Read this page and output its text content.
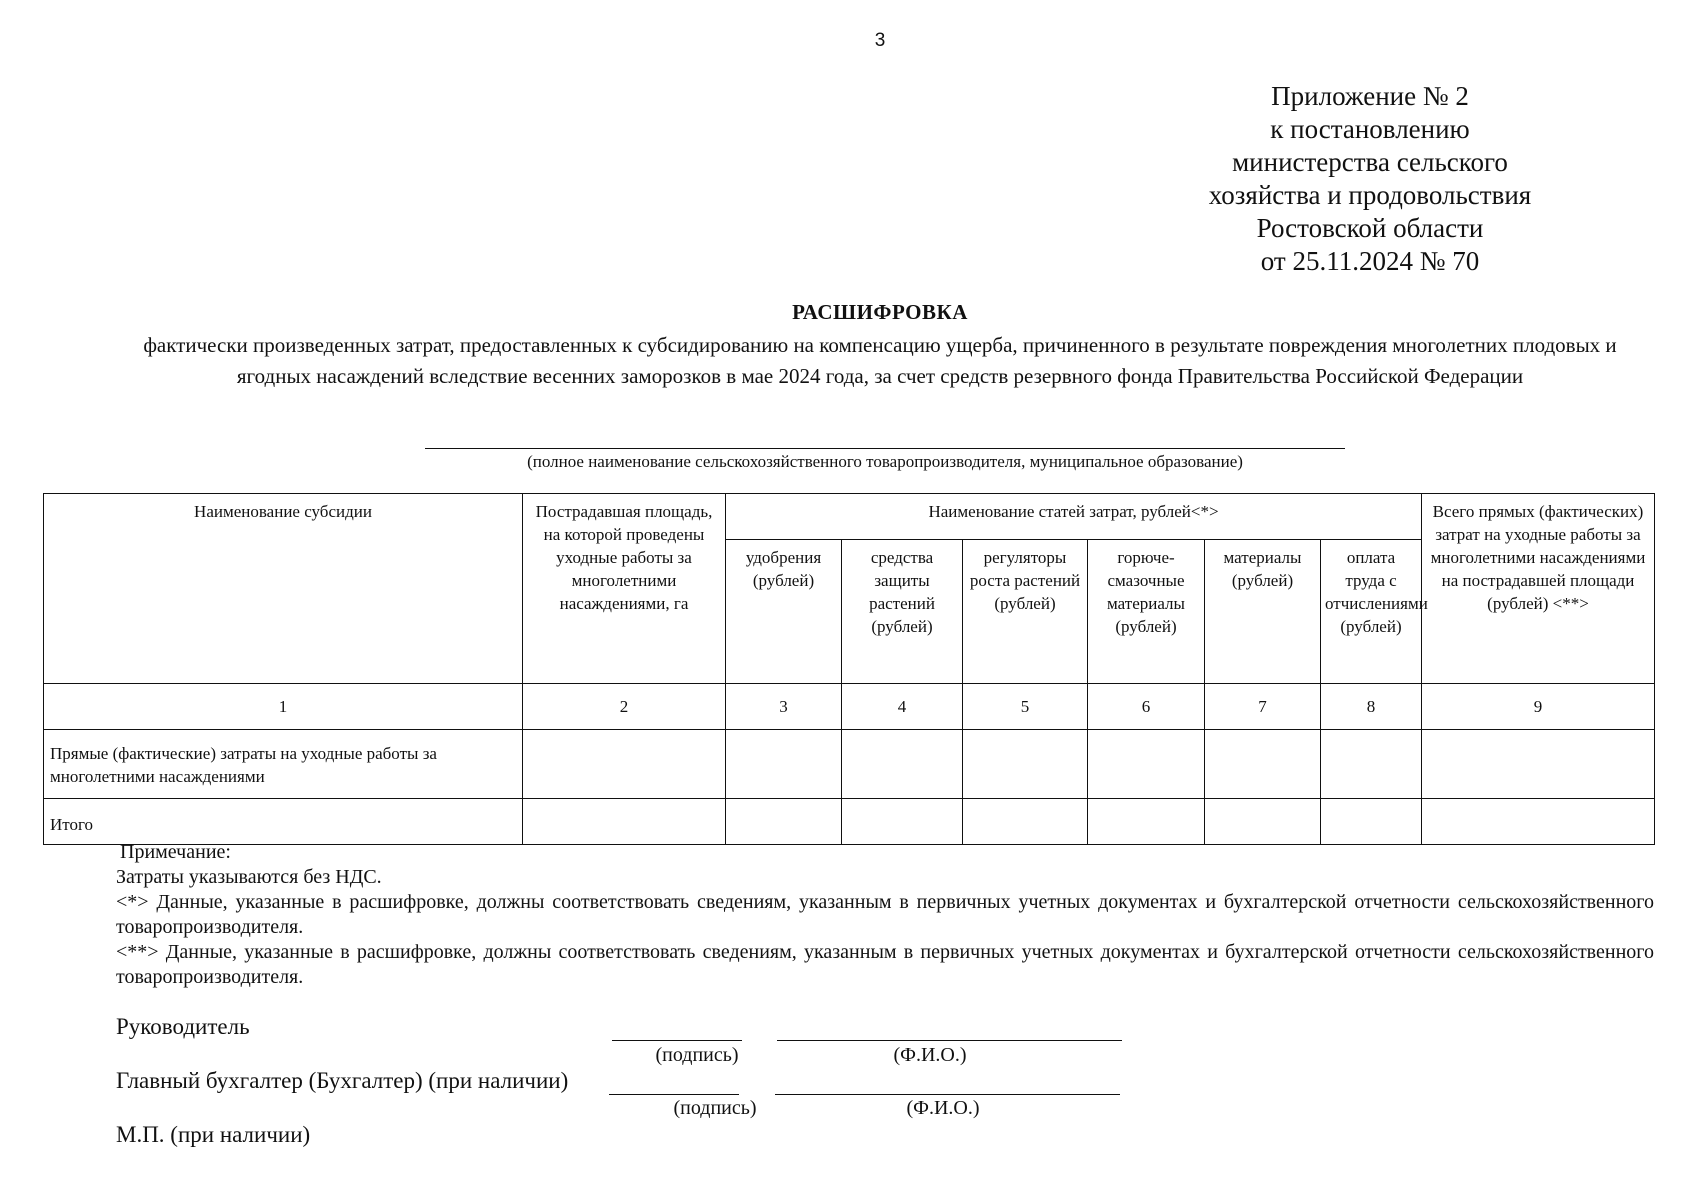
3
Приложение № 2
к постановлению
министерства сельского
хозяйства и продовольствия
Ростовской области
от 25.11.2024 № 70
РАСШИФРОВКА
фактически произведенных затрат, предоставленных к субсидированию на компенсацию ущерба, причиненного в результате повреждения многолетних плодовых и ягодных насаждений вследствие весенних заморозков в мае 2024 года, за счет средств резервного фонда Правительства Российской Федерации
(полное наименование сельскохозяйственного товаропроизводителя, муниципальное образование)
Наименование субсидии	Пострадавшая площадь, на которой проведены уходные работы за многолетними насаждениями, га	Наименование статей затрат, рублей<*>						Всего прямых (фактических) затрат на уходные работы за многолетними насаждениями на пострадавшей площади (рублей) <**>
		удобрения (рублей)	средства защиты растений (рублей)	регуляторы роста растений (рублей)	горюче-смазочные материалы (рублей)	материалы (рублей)	оплата труда с отчислениями (рублей)	
1	2	3	4	5	6	7	8	9
Прямые (фактические) затраты на уходные работы за многолетними насаждениями								
Итого								
Примечание:

Затраты указываются без НДС.

<*> Данные, указанные в расшифровке, должны соответствовать сведениям, указанным в первичных учетных документах и бухгалтерской отчетности сельскохозяйственного товаропроизводителя.

<**> Данные, указанные в расшифровке, должны соответствовать сведениям, указанным в первичных учетных документах и бухгалтерской отчетности сельскохозяйственного товаропроизводителя.

Руководитель
(подпись)	(Ф.И.О.)
Главный бухгалтер (Бухгалтер) (при наличии)
(подпись)	(Ф.И.О.)
М.П. (при наличии)
